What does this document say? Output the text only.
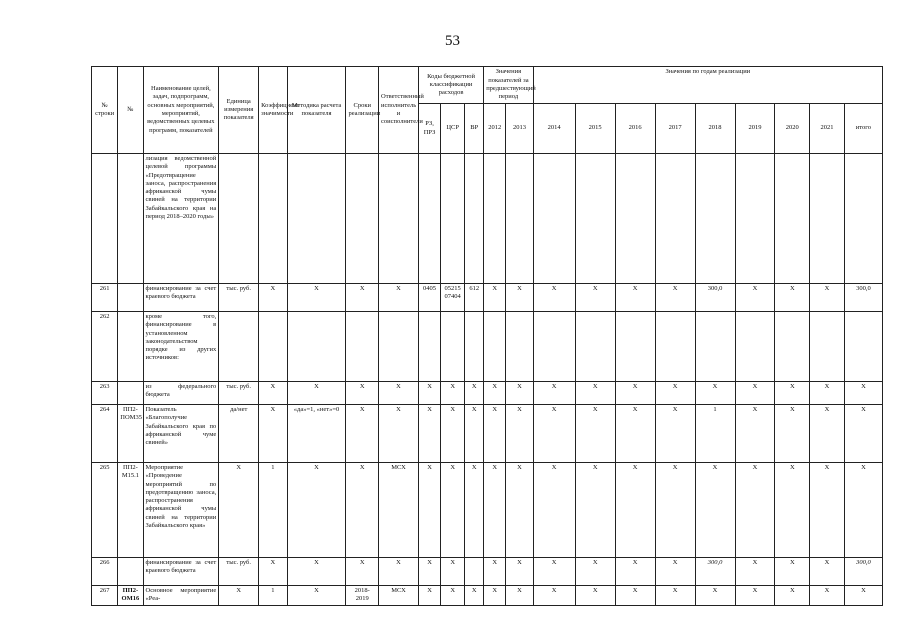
53
№ строки	№	Наименование целей, задач, подпрограмм, основных мероприятий, мероприятий, ведомственных целевых программ, показателей	Единица измерения показателя	Коэффициент значимости	Методика расчета показателя	Сроки реализации	Ответственный исполнитель и соисполнители	Коды бюджетной классификации расходов			Значения показателей за предшествующий период		Значения по годам реализации								
								РЗ, ПРЗ	ЦСР	ВР	2012	2013	2014	2015	2016	2017	2018	2019	2020	2021	итого
		лизация ведомственной целевой программы «Предотвращение заноса, распространения африканской чумы свиней на территории Забайкальского края на период 2018–2020 годы»																			
261		финансирование за счет краевого бюджета	тыс. руб.	X	X	X	X	0405	05215 07404	612	X	X	X	X	X	X	300,0	X	X	X	300,0
262		кроме того, финансирование в установленном законодательством порядке из других источников:																			
263		из федерального бюджета	тыс. руб.	X	X	X	X	X	X	X	X	X	X	X	X	X	X	X	X	X	X
264	ПП2-ПОМ35	Показатель «Благополучие Забайкальского края по африканской чуме свиней»	да/нет	X	«да»=1, «нет»=0	X	X	X	X	X	X	X	X	X	X	X	1	X	X	X	X
265	ПП2-М15.1	Мероприятие «Проведение мероприятий по предотвращению заноса, распространения африканской чумы свиней на территории Забайкальского края»	X	1	X	X	МСХ	X	X	X	X	X	X	X	X	X	X	X	X	X	X
266		финансирование за счет краевого бюджета	тыс. руб.	X	X	X	X	X	X		X	X	X	X	X	X	300,0	X	X	X	300,0
267	ПП2-ОМ16	Основное мероприятие «Реа-	X	1	X	2018-2019	МСХ	X	X	X	X	X	X	X	X	X	X	X	X	X	X
